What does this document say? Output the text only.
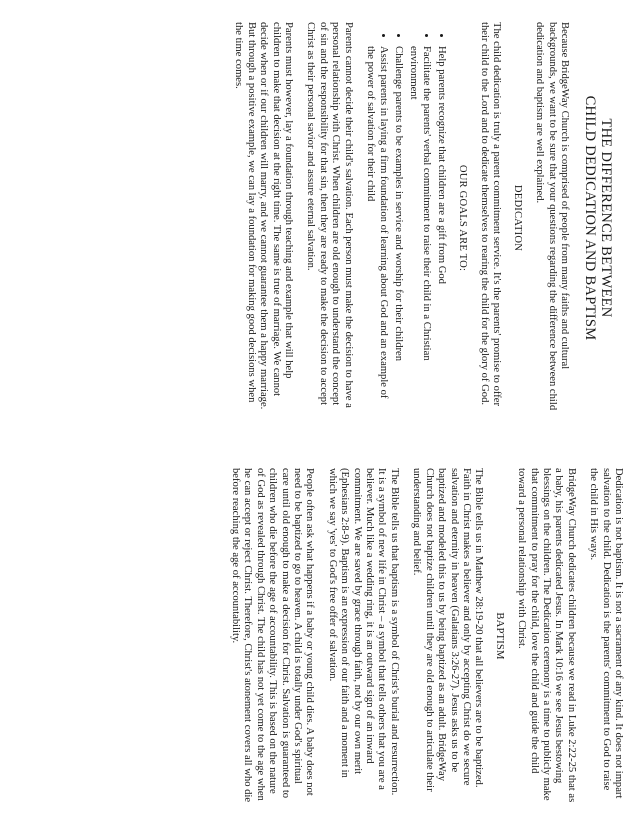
THE DIFFERENCE BETWEEN
CHILD DEDICATION AND BAPTISM

Because BridgeWay Church is comprised of people from many faiths and cultural backgrounds, we want to be sure that your questions regarding the difference between child dedication and baptism are well explained.

DEDICATION

The child dedication is truly a parent commitment service. It's the parents' promise to offer their child to the Lord and to dedicate themselves to rearing the child for the glory of God.

OUR GOALS ARE TO:
• Help parents recognize that children are a gift from God
• Facilitate the parents' verbal commitment to raise their child in a Christian environment
• Challenge parents to be examples in service and worship for their children
• Assist parents in laying a firm foundation of learning about God and an example of the power of salvation for their child

Parents cannot decide their child's salvation. Each person must make the decision to have a personal relationship with Christ. When children are old enough to understand the concept of sin and the responsibility for that sin, then they are ready to make the decision to accept Christ as their personal savior and assure eternal salvation.

Parents must however, lay a foundation through teaching and example that will help children to make that decision at the right time. The same is true of marriage. We cannot decide when or if our children will marry, and we cannot guarantee them a happy marriage. But through a positive example, we can lay a foundation for making good decisions when the time comes.

Dedication is not baptism. It is not a sacrament of any kind. It does not impart salvation to the child. Dedication is the parents' commitment to God to raise the child in His ways.

BridgeWay Church dedicates children because we read in Luke 2:22-25 that as a baby, his parents dedicated Jesus. In Mark 10:16 we see Jesus bestowing blessings on the children. The Dedication ceremony is a time to publicly make that commitment to pray for the child, love the child and guide the child toward a personal relationship with Christ.

BAPTISM

The Bible tells us in Matthew 28:19-20 that all believers are to be baptized. Faith in Christ makes a believer and only by accepting Christ do we secure salvation and eternity in heaven (Galatians 3:26-27). Jesus asks us to be baptized and modeled this to us by being baptized as an adult. BridgeWay Church does not baptize children until they are old enough to articulate their understanding and belief.

The Bible tells us that baptism is a symbol of Christ's burial and resurrection. It is a symbol of new life in Christ – a symbol that tells others that you are a believer. Much like a wedding ring, it is an outward sign of an inward commitment. We are saved by grace through faith, not by our own merit (Ephesians 2:8-9). Baptism is an expression of our faith and a moment in which we say 'yes' to God's free offer of salvation.

People often ask what happens if a baby or young child dies. A baby does not need to be baptized to go to heaven. A child is totally under God's spiritual care until old enough to make a decision for Christ. Salvation is guaranteed to children who die before the age of accountability. This is based on the nature of God as revealed through Christ. The child has not yet come to the age when he can accept or reject Christ. Therefore, Christ's atonement covers all who die before reaching the age of accountability.
